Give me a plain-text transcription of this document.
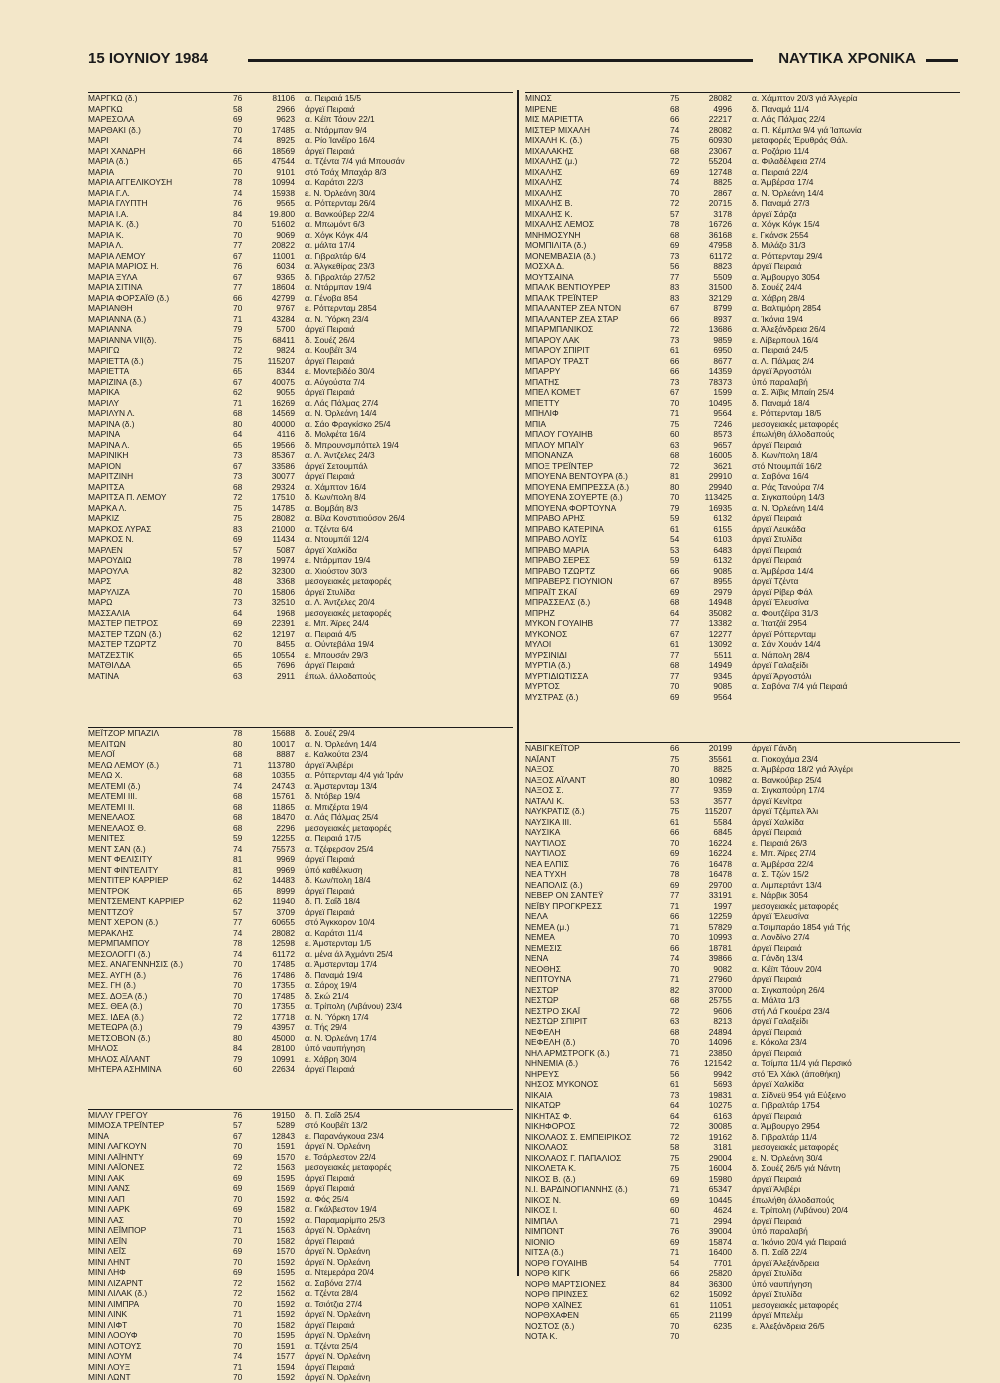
15 ΙΟΥΝΙΟΥ 1984	ΝΑΥΤΙΚΑ ΧΡΟΝΙΚΑ
ΜΑΡΓΚΩ (δ.)	76	81106	α. Πειραιά 15/5
ΜΑΡΓΚΩ	58	2966	άργεϊ Πειραιά
ΜΑΡΕΣΟΛΑ	69	9623	α. Κέϊπ Τάουν 22/1
ΜΑΡΘΑΚΙ (δ.)	70	17485	α. Ντάρμπαν 9/4
ΜΑΡΙ	74	8925	α. Ρίο Ίανέϊρο 16/4
ΜΑΡΙ ΧΑΝΔΡΗ	66	18569	άργεϊ Πειραιά
ΜΑΡΙΑ (δ.)	65	47544	α. Τζέντα 7/4 γιά Μπουσάν
ΜΑΡΙΑ	70	9101	στό Τσάχ Μπαχάρ 8/3
ΜΑΡΙΑ ΑΓΓΕΛΙΚΟΥΣΗ	78	10994	α. Καράτσι 22/3
ΜΑΡΙΑ Γ.Λ.	74	15938	ε. Ν. Όρλεάνη 30/4
ΜΑΡΙΑ ΓΛΥΠΤΗ	76	9565	α. Ρόττερνταμ 26/4
ΜΑΡΙΑ Ι.Α.	84	19.800	α. Βανκούβερ 22/4
ΜΑΡΙΑ Κ. (δ.)	70	51602	α. Μπωμόντ 6/3
ΜΑΡΙΑ Κ.	70	9069	α. Χόγκ Κόγκ 4/4
ΜΑΡΙΑ Λ.	77	20822	α. μάλτα 17/4
ΜΑΡΙΑ ΛΕΜΟΥ	67	11001	α. Γιβραλτάρ 6/4
ΜΑΡΙΑ ΜΑΡΙΟΣ Η.	76	6034	α. Άλγκεθίρας 23/3
ΜΑΡΙΑ ΞΥΛΑ	67	9365	δ. Γιβραλτάρ 27/52
ΜΑΡΙΑ ΣΙΤΙΝΑ	77	18604	α. Ντάρμπαν 19/4
ΜΑΡΙΑ ΦΟΡΣΑΪΘ (δ.)	66	42799	α. Γένοβα 854
ΜΑΡΙΑΝΘΗ	70	9767	ε. Ρόττερνταμ 2854
ΜΑΡΙΑΝΝΑ (δ.)	71	43284	α. Ν. Ύόρκη 23/4
ΜΑΡΙΑΝΝΑ	79	5700	άργεϊ Πειραιά
ΜΑΡΙΑΝΝΑ VII(δ).	75	68411	δ. Σουέζ 26/4
ΜΑΡΙΓΩ	72	9824	α. Κουβέϊτ 3/4
ΜΑΡΙΕΤΤΑ (δ.)	75	115207	άργεϊ Πειραιά
ΜΑΡΙΕΤΤΑ	65	8344	ε. Μοντεβιδέο 30/4
ΜΑΡΙΖΙΝΑ (δ.)	67	40075	α. Αύγούστα 7/4
ΜΑΡΙΚΑ	62	9055	άργεϊ Πειραιά
ΜΑΡΙΛΥ	71	16269	α. Λάς Πάλμας 27/4
ΜΑΡΙΛΥΝ Λ.	68	14569	α. Ν. Όρλεάνη 14/4
ΜΑΡΙΝΑ (δ.)	80	40000	α. Σάο Φραγκίσκο 25/4
ΜΑΡΙΝΑ	64	4116	δ. Μολφέτα 16/4
ΜΑΡΙΝΑ Λ.	65	19566	δ. Μπρουνσμπόττελ 19/4
ΜΑΡΙΝΙΚΗ	73	85367	α. Λ. Άντζελες 24/3
ΜΑΡΙΟΝ	67	33586	άργεϊ Σετουμπάλ
ΜΑΡΙΤΖΙΝΗ	73	30077	άργεϊ Πειραιά
ΜΑΡΙΤΣΑ	68	29324	α. Χάμπτον 16/4
ΜΑΡΙΤΣΑ Π. ΛΕΜΟΥ	72	17510	δ. Κων/πολη 8/4
ΜΑΡΚΑ Λ.	75	14785	α. Βομβάη 8/3
ΜΑΡΚΙΖ	75	28082	α. Βίλα Κονστιτιούσον 26/4
ΜΑΡΚΟΣ ΛΥΡΑΣ	83	21000	α. Τζέντα 6/4
ΜΑΡΚΟΣ Ν.	69	11434	α. Ντουμπάϊ 12/4
ΜΑΡΛΕΝ	57	5087	άργεϊ Χαλκίδα
ΜΑΡΟΥΔΙΩ	78	19974	ε. Ντάρμπαν 19/4
ΜΑΡΟΥΛΑ	82	32300	α. Χιούστον 30/3
ΜΑΡΣ	48	3368	μεσογειακές μεταφορές
ΜΑΡΥΛΙΖΑ	70	15806	άργεϊ Στυλίδα
ΜΑΡΩ	73	32510	α. Λ. Άντζελες 20/4
ΜΑΣΣΑΛΙΑ	64	1968	μεσογειακές μεταφορές
ΜΑΣΤΕΡ ΠΕΤΡΟΣ	69	22391	ε. Μπ. Άϊρες 24/4
ΜΑΣΤΕΡ ΤΖΩΝ (δ.)	62	12197	α. Πειραιά 4/5
ΜΑΣΤΕΡ ΤΖΩΡΤΖ	70	8455	α. Ούντεβάλα 19/4
ΜΑΤΖΕΣΤΙΚ	65	10554	ε. Μπουσάν 29/3
ΜΑΤΘΙΛΔΑ	65	7696	άργεϊ Πειραιά
ΜΑΤΙΝΑ	63	2911	έπωλ. άλλοδαπούς
ΜΕΪΤΖΟΡ ΜΠΑΖΙΛ	78	15688	δ. Σουέζ 29/4
ΜΕΛΙΤΩΝ	80	10017	α. Ν. Όρλεάνη 14/4
ΜΕΛΟΪ	68	8887	ε. Καλκούτα 23/4
ΜΕΛΩ ΛΕΜΟΥ (δ.)	71	113780	άργεϊ Άλιβέρι
ΜΕΛΩ Χ.	68	10355	α. Ρόττερνταμ 4/4 γιά Ίράν
ΜΕΛΤΕΜΙ (δ.)	74	24743	α. Άμστερνταμ 13/4
ΜΕΛΤΕΜΙ ΙΙΙ.	68	15761	δ. Ντόβερ 19/4
ΜΕΛΤΕΜΙ ΙΙ.	68	11865	α. Μπιζέρτα 19/4
ΜΕΝΕΛΑΟΣ	68	18470	α. Λάς Πάλμας 25/4
ΜΕΝΕΛΑΟΣ Θ.	68	2296	μεσογειακές μεταφορές
ΜΕΝΙΤΕΣ	59	12255	α. Πειραιά 17/5
ΜΕΝΤ ΣΑΝ (δ.)	74	75573	α. Τζέφερσον 25/4
ΜΕΝΤ ΦΕΛΙΣΙΤΥ	81	9969	άργεϊ Πειραιά
ΜΕΝΤ ΦΙΝΤΕΛΙΤΥ	81	9969	ύπό καθέλκυση
ΜΕΝΤΙΤΕΡ ΚΑΡΡΙΕΡ	62	14483	δ. Κων/πολη 18/4
ΜΕΝΤΡΟΚ	65	8999	άργεϊ Πειραιά
ΜΕΝΤΣΕΜΕΝΤ ΚΑΡΡΙΕΡ	62	11940	δ. Π. Σαΐδ 18/4
ΜΕΝΤΤΖΟΫ	57	3709	άργεϊ Πειραιά
ΜΕΝΤ ΧΕΡΟΝ (δ.)	77	60655	στό Άγκκορον 10/4
ΜΕΡΑΚΛΗΣ	74	28082	α. Καράτσι 11/4
ΜΕΡΜΠΑΜΠΟΥ	78	12598	ε. Άμστερνταμ 1/5
ΜΕΣΟΛΟΓΓΙ (δ.)	74	61172	α. μένα άλ Άχμάντι 25/4
ΜΕΣ. ΑΝΑΓΕΝΝΗΣΙΣ (δ.)	70	17485	α. Άμστερνταμ 17/4
ΜΕΣ. ΑΥΓΗ (δ.)	76	17486	δ. Παναμά 19/4
ΜΕΣ. ΓΗ (δ.)	70	17355	α. Σάροχ 19/4
ΜΕΣ. ΔΟΞΑ (δ.)	70	17485	δ. Σκώ 21/4
ΜΕΣ. ΘΕΑ (δ.)	70	17355	α. Τρίπολη (Λιβάνου) 23/4
ΜΕΣ. ΙΔΕΑ (δ.)	72	17718	α. Ν. Ύόρκη 17/4
ΜΕΤΕΩΡΑ (δ.)	79	43957	α. Τής 29/4
ΜΕΤΣΟΒΟΝ (δ.)	80	45000	α. Ν. Όρλεάνη 17/4
ΜΗΛΟΣ	84	28100	ύπό ναυπήγηση
ΜΗΛΟΣ ΑΪΛΑΝΤ	79	10991	ε. Χάβρη 30/4
ΜΗΤΕΡΑ ΑΣΗΜΙΝΑ	60	22634	άργεϊ Πειραιά
ΜΙΛΛΥ ΓΡΕΓΟΥ	76	19150	δ. Π. Σαΐδ 25/4
ΜΙΜΟΣΑ ΤΡΕΪΝΤΕΡ	57	5289	στό Κουβέϊτ 13/2
ΜΙΝΑ	67	12843	ε. Παρανάγκουα 23/4
ΜΙΝΙ ΛΑΓΚΟΥΝ	70	1591	άργεϊ Ν. Όρλεάνη
ΜΙΝΙ ΛΑΪΗΝΤΥ	69	1570	ε. Τσάρλεστον 22/4
ΜΙΝΙ ΛΑΪΟΝΕΣ	72	1563	μεσογειακές μεταφορές
ΜΙΝΙ ΛΑΚ	69	1595	άργεϊ Πειραιά
ΜΙΝΙ ΛΑΝΣ	69	1569	άργεϊ Πειραιά
ΜΙΝΙ ΛΑΠ	70	1592	α. Φός 25/4
ΜΙΝΙ ΛΑΡΚ	69	1582	α. Γκάλβεστον 19/4
ΜΙΝΙ ΛΑΣ	70	1592	α. Παραμαρίμπο 25/3
ΜΙΝΙ ΛΕΪΜΠΟΡ	71	1563	άργεϊ Ν. Όρλεάνη
ΜΙΝΙ ΛΕΪΝ	70	1582	άργεϊ Πειραιά
ΜΙΝΙ ΛΕΪΣ	69	1570	άργεϊ Ν. Όρλεάνη
ΜΙΝΙ ΛΗΝΤ	70	1592	άργεϊ Ν. Όρλεάνη
ΜΙΝΙ ΛΗΦ	69	1595	α. Ντεμεράρα 20/4
ΜΙΝΙ ΛΙΖΑΡΝΤ	72	1562	α. Σαβόνα 27/4
ΜΙΝΙ ΛΙΛΑΚ (δ.)	72	1562	α. Τζέντα 28/4
ΜΙΝΙ ΛΙΜΠΡΑ	70	1592	α. Τσιότζια 27/4
ΜΙΝΙ ΛΙΝΚ	71	1592	άργεϊ Ν. Όρλεάνη
ΜΙΝΙ ΛΙΦΤ	70	1582	άργεϊ Πειραιά
ΜΙΝΙ ΛΟΟΥΦ	70	1595	άργεϊ Ν. Όρλεάνη
ΜΙΝΙ ΛΟΤΟΥΣ	70	1591	α. Τζέντα 25/4
ΜΙΝΙ ΛΟΥΜ	74	1577	άργεϊ Ν. Όρλεάνη
ΜΙΝΙ ΛΟΥΞ	71	1594	άργεϊ Πειραιά
ΜΙΝΙ ΛΩΝΤ	70	1592	άργεϊ Ν. Όρλεάνη
ΜΙΝΩΣ	75	28082	α. Χάμπτον 20/3 γιά Άλγερία
ΜΙΡΕΝΕ	68	4996	δ. Παναμά 11/4
ΜΙΣ ΜΑΡΙΕΤΤΑ	66	22217	α. Λάς Πάλμας 22/4
ΜΙΣΤΕΡ ΜΙΧΑΛΗ	74	28082	α. Π. Κέμπλα 9/4 γιά Ίαπωνία
ΜΙΧΑΛΗ Κ. (δ.)	75	60930	μεταφορές Έρυθράς Θάλ.
ΜΙΧΑΛΑΚΗΣ	68	23067	α. Ροζάριο 11/4
ΜΙΧΑΛΗΣ (μ.)	72	55204	α. Φιλαδέλφεια 27/4
ΜΙΧΑΛΗΣ	69	12748	α. Πειραιά 22/4
ΜΙΧΑΛΗΣ	74	8825	α. Άμβέρσα 17/4
ΜΙΧΑΛΗΣ	70	2867	α. Ν. Όρλεάνη 14/4
ΜΙΧΑΛΗΣ Β.	72	20715	δ. Παναμά 27/3
ΜΙΧΑΛΗΣ Κ.	57	3178	άργεϊ Σάρζα
ΜΙΧΑΛΗΣ ΛΕΜΟΣ	78	16726	α. Χόγκ Κόγκ 15/4
ΜΝΗΜΟΣΥΝΗ	68	36168	ε. Γκάνσκ 2554
ΜΟΜΠΙΛΙΤΑ (δ.)	69	47958	δ. Μιλάζο 31/3
ΜΟΝΕΜΒΑΣΙΑ (δ.)	73	61172	α. Ρόττερνταμ 29/4
ΜΟΣΧΑ Δ.	56	8823	άργεϊ Πειραιά
ΜΟΥΤΣΑΙΝΑ	77	5509	α. Άμβουργο 3054
ΜΠΑΛΚ ΒΕΝΤΙΟΥΡΕΡ	83	31500	δ. Σουέζ 24/4
ΜΠΑΛΚ ΤΡΕΪΝΤΕΡ	83	32129	α. Χάβρη 28/4
ΜΠΑΛΑΝΤΕΡ ΖΕΑ ΝΤΟΝ	67	8799	α. Βαλτιμόρη 2854
ΜΠΑΛΑΝΤΕΡ ΖΕΑ ΣΤΑΡ	66	8937	α. Ίκόνια 19/4
ΜΠΑΡΜΠΑΝΙΚΟΣ	72	13686	α. Άλεξάνδρεια 26/4
ΜΠΑΡΟΥ ΛΑΚ	73	9859	ε. Λίβερπουλ 16/4
ΜΠΑΡΟΥ ΣΠΙΡΙΤ	61	6950	α. Πειραιά 24/5
ΜΠΑΡΟΥ ΤΡΑΣΤ	66	8677	α. Λ. Πάλμας 2/4
ΜΠΑΡΡΥ	66	14359	άργεϊ Άργοστόλι
ΜΠΑΤΗΣ	73	78373	ύπό παραλαβή
ΜΠΕΛ ΚΟΜΕΤ	67	1599	α. Σ. Άϊβις Μπαίη 25/4
ΜΠΕΤΤΥ	70	10495	δ. Παναμά 18/4
ΜΠΗΛΙΦ	71	9564	ε. Ρόττερνταμ 18/5
ΜΠΙΑ	75	7246	μεσογειακές μεταφορές
ΜΠΛΟΥ ΓΟΥΑΙΗΒ	60	8573	έπωλήθη άλλοδαπούς
ΜΠΛΟΥ ΜΠΑΪΥ	63	9657	άργεϊ Πειραιά
ΜΠΟΝΑΝΖΑ	68	16005	δ. Κων/πολη 18/4
ΜΠΟΞ ΤΡΕΪΝΤΕΡ	72	3621	στό Ντουμπάϊ 16/2
ΜΠΟΥΕΝΑ ΒΕΝΤΟΥΡΑ (δ.)	81	29910	α. Σαβόνα 16/4
ΜΠΟΥΕΝΑ ΕΜΠΡΕΣΣΑ (δ.)	80	29940	α. Ράς Τανούρα 7/4
ΜΠΟΥΕΝΑ ΣΟΥΕΡΤΕ (δ.)	70	113425	α. Σιγκαπούρη 14/3
ΜΠΟΥΕΝΑ ΦΟΡΤΟΥΝΑ	79	16935	α. Ν. Όρλεάνη 14/4
ΜΠΡΑΒΟ ΑΡΗΣ	59	6132	άργεϊ Πειραιά
ΜΠΡΑΒΟ ΚΑΤΕΡΙΝΑ	61	6155	άργεϊ Λευκάδα
ΜΠΡΑΒΟ ΛΟΥΪΣ	54	6103	άργεϊ Στυλίδα
ΜΠΡΑΒΟ ΜΑΡΙΑ	53	6483	άργεϊ Πειραιά
ΜΠΡΑΒΟ ΣΕΡΕΣ	59	6132	άργεϊ Πειραιά
ΜΠΡΑΒΟ ΤΖΩΡΤΖ	66	9085	α. Άμβέρσα 14/4
ΜΠΡΑΒΕΡΣ ΓΙΟΥΝΙΟΝ	67	8955	άργεϊ Τζέντα
ΜΠΡΑΪΤ ΣΚΑΪ	69	2979	άργεϊ Ρίβερ Φάλ
ΜΠΡΑΣΣΕΛΣ (δ.)	68	14948	άργεϊ Έλευσίνα
ΜΠΡΗΖ	64	35082	α. Φουτζέϊρα 31/3
ΜΥΚΟΝ ΓΟΥΑΙΗΒ	77	13382	α. Ίτατζάϊ 2954
ΜΥΚΟΝΟΣ	67	12277	άργεϊ Ρόττερνταμ
ΜΥΛΟΙ	61	13092	α. Σάν Χουάν 14/4
ΜΥΡΣΙΝΙΔΙ	77	5511	α. Νάπολη 28/4
ΜΥΡΤΙΑ (δ.)	68	14949	άργεϊ Γαλαξείδι
ΜΥΡΤΙΔΙΩΤΙΣΣΑ	77	9345	άργεϊ Άργοστόλι
ΜΥΡΤΟΣ	70	9085	α. Σαβόνα 7/4 γιά Πειραιά
ΜΥΣΤΡΑΣ (δ.)	69	9564
ΝΑΒΙΓΚΕΪΤΟΡ	66	20199	άργεϊ Γάνδη
ΝΑΪΑΝΤ	75	35561	α. Γιοκοχάμα 23/4
ΝΑΞΟΣ	70	8825	α. Άμβέρσα 18/2 γιά Άλγέρι
ΝΑΞΟΣ ΑΪΛΑΝΤ	80	10982	α. Βανκούβερ 25/4
ΝΑΞΟΣ Σ.	77	9359	α. Σιγκαπούρη 17/4
ΝΑΤΑΛΙ Κ.	53	3577	άργεϊ Κενίτρα
ΝΑΥΚΡΑΤΙΣ (δ.)	75	115207	άργεϊ Τζέμπελ Άλι
ΝΑΥΣΙΚΑ ΙΙΙ.	61	5584	άργεϊ Χαλκίδα
ΝΑΥΣΙΚΑ	66	6845	άργεϊ Πειραιά
ΝΑΥΤΙΛΟΣ	70	16224	ε. Πειραιά 26/3
ΝΑΥΤΙΛΟΣ	69	16224	ε. Μπ. Άϊρες 27/4
ΝΕΑ ΕΛΠΙΣ	76	16478	α. Άμβέρσα 22/4
ΝΕΑ ΤΥΧΗ	78	16478	α. Σ. Τζών 15/2
ΝΕΑΠΟΛΙΣ (δ.)	69	29700	α. Λιμπερτάντ 13/4
ΝΕΒΕΡ ΟΝ ΣΑΝΤΕΫ	77	33191	ε. Νάρβικ 3054
ΝΕΪΒΥ ΠΡΟΓΚΡΕΣΣ	71	1997	μεσογειακές μεταφορές
ΝΕΛΑ	66	12259	άργεϊ Έλευσίνα
ΝΕΜΕΑ (μ.)	71	57829	α.Τσιμπαράο 1854 γιά Τής
ΝΕΜΕΑ	70	10993	α. Λονδίνο 27/4
ΝΕΜΕΣΙΣ	66	18781	άργεϊ Πειραιά
ΝΕΝΑ	74	39866	α. Γάνδη 13/4
ΝΕΟΘΗΣ	70	9082	α. Κέϊπ Τάουν 20/4
ΝΕΠΤΟΥΝΑ	71	27960	άργεϊ Πειραιά
ΝΕΣΤΩΡ	82	37000	α. Σιγκαπούρη 26/4
ΝΕΣΤΩΡ	68	25755	α. Μάλτα 1/3
ΝΕΣΤΡΟ ΣΚΑΪ	72	9606	στή Λά Γκουέρα 23/4
ΝΕΣΤΩΡ ΣΠΙΡΙΤ	63	8213	άργεϊ Γαλαξείδι
ΝΕΦΕΛΗ	68	24894	άργεϊ Πειραιά
ΝΕΦΕΛΗ (δ.)	70	14096	ε. Κόκολα 23/4
ΝΗΛ ΑΡΜΣΤΡΟΓΚ (δ.)	71	23850	άργεϊ Πειραιά
ΝΗΝΕΜΙΑ (δ.)	76	121542	α. Τσίμπα 11/4 γιά Περσικό
ΝΗΡΕΥΣ	56	9942	στό Έλ Χάκλ (άποθήκη)
ΝΗΣΟΣ ΜΥΚΟΝΟΣ	61	5693	άργεϊ Χαλκίδα
ΝΙΚΑΙΑ	73	19831	α. Σίδνεϋ 954 γιά Εύξεινο
ΝΙΚΑΤΩΡ	64	10275	α. Γιβραλτάρ 1754
ΝΙΚΗΤΑΣ Φ.	64	6163	άργεϊ Πειραιά
ΝΙΚΗΦΟΡΟΣ	72	30085	α. Άμβουργο 2954
ΝΙΚΟΛΑΟΣ Σ. ΕΜΠΕΙΡΙΚΟΣ	72	19162	δ. Γιβραλτάρ 11/4
ΝΙΚΟΛΑΟΣ	58	3181	μεσογειακές μεταφορές
ΝΙΚΟΛΑΟΣ Γ. ΠΑΠΑΛΙΟΣ	75	29004	ε. Ν. Όρλεάνη 30/4
ΝΙΚΟΛΕΤΑ Κ.	75	16004	δ. Σουέζ 26/5 γιά Νάντη
ΝΙΚΟΣ Β. (δ.)	69	15980	άργεϊ Πειραιά
Ν.Ι. ΒΑΡΔΙΝΟΓΙΑΝΝΗΣ (δ.)	71	65347	άργεϊ Άλιβέρι
ΝΙΚΟΣ Ν.	69	10445	έπωλήθη άλλοδαπούς
ΝΙΚΟΣ Ι.	60	4624	ε. Τρίπολη (Λιβάνου) 20/4
ΝΙΜΠΑΛ	71	2994	άργεϊ Πειραιά
ΝΙΜΠΟΝΤ	76	39004	ύπό παραλαβή
ΝΙΟΝΙΟ	69	15874	α. Ίκόνιο 20/4 γιά Πειραιά
ΝΙΤΣΑ (δ.)	71	16400	δ. Π. Σαΐδ 22/4
ΝΟΡΘ ΓΟΥΑΙΗΒ	54	7701	άργεϊ Άλεξάνδρεια
ΝΟΡΘ ΚΙΓΚ	66	25820	άργεϊ Στυλίδα
ΝΟΡΘ ΜΑΡΤΣΙΟΝΕΣ	84	36300	ύπό ναυπήγηση
ΝΟΡΘ ΠΡΙΝΣΕΣ	62	15092	άργεϊ Στυλίδα
ΝΟΡΘ ΧΑΪΝΕΣ	61	11051	μεσογειακές μεταφορές
ΝΟΡΘΧΑΦΕΝ	65	21199	άργεϊ Μπελέμ
ΝΟΣΤΟΣ (δ.)	70	6235	ε. Άλεξάνδρεια 26/5
ΝΟΤΑ Κ.	70
